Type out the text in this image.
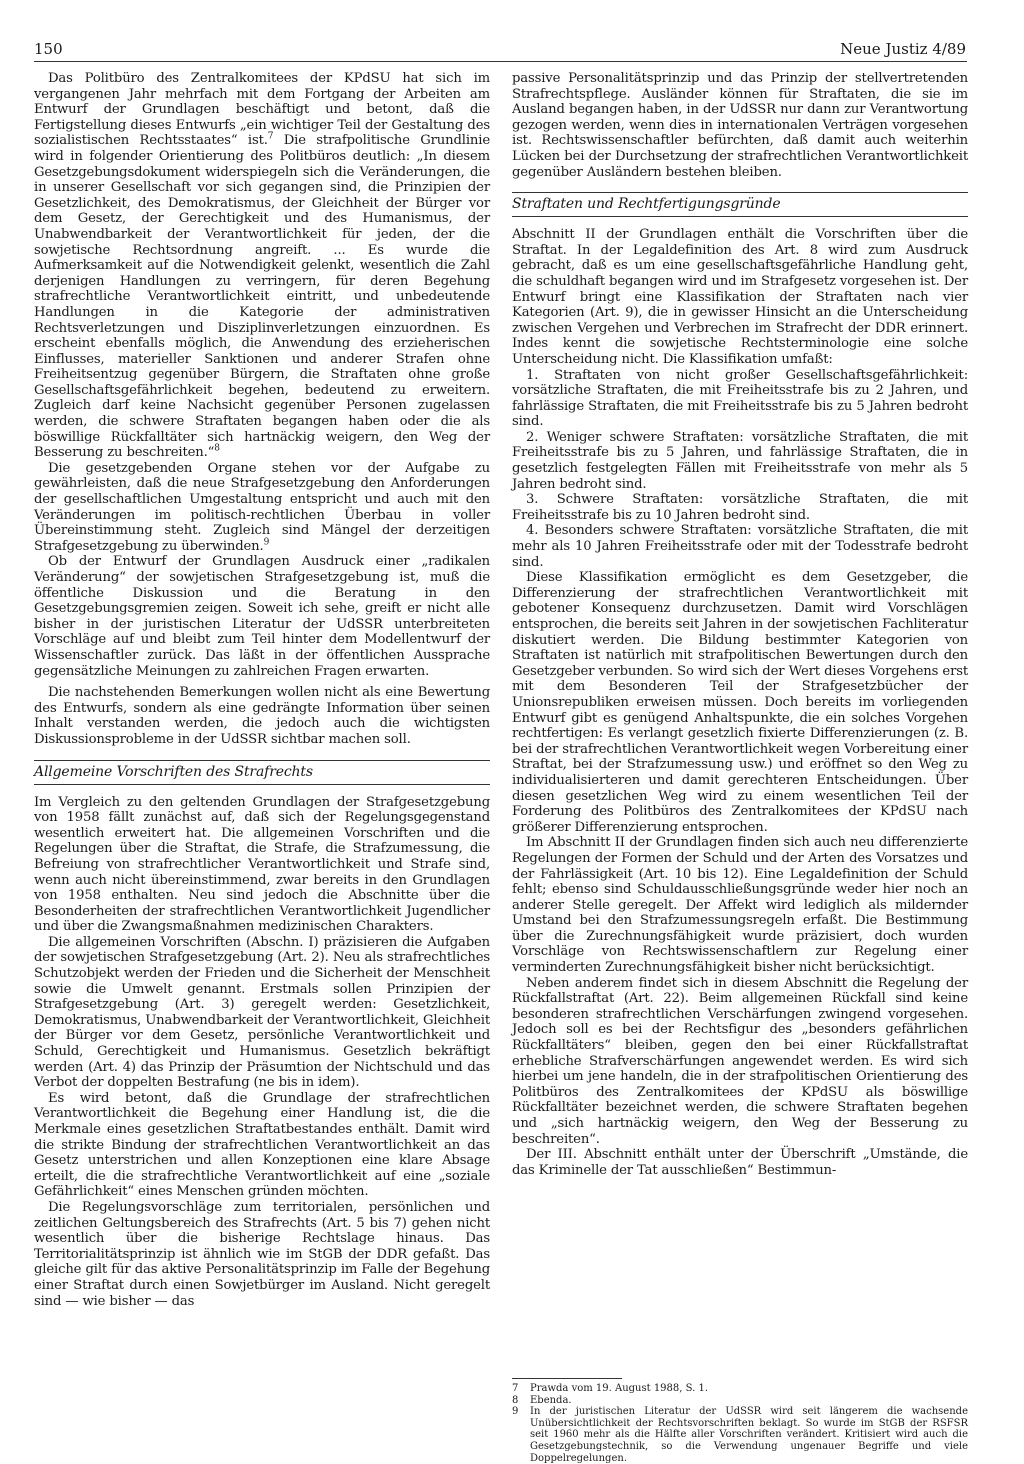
150	Neue Justiz 4/89

Das Politbüro des Zentralkomitees der KPdSU hat sich im vergangenen Jahr mehrfach mit dem Fortgang der Arbeiten am Entwurf der Grundlagen beschäftigt und betont, daß die Fertigstellung dieses Entwurfs „ein wichtiger Teil der Gestaltung des sozialistischen Rechtsstaates“ ist.$^7$ Die strafpolitische Grundlinie wird in folgender Orientierung des Politbüros deutlich: „In diesem Gesetzgebungsdokument widerspiegeln sich die Veränderungen, die in unserer Gesellschaft vor sich gegangen sind, die Prinzipien der Gesetzlichkeit, des Demokratismus, der Gleichheit der Bürger vor dem Gesetz, der Gerechtigkeit und des Humanismus, der Unabwendbarkeit der Verantwortlichkeit für jeden, der die sowjetische Rechtsordnung angreift. ... Es wurde die Aufmerksamkeit auf die Notwendigkeit gelenkt, wesentlich die Zahl derjenigen Handlungen zu verringern, für deren Begehung strafrechtliche Verantwortlichkeit eintritt, und unbedeutende Handlungen in die Kategorie der administrativen Rechtsverletzungen und Disziplinverletzungen einzuordnen. Es erscheint ebenfalls möglich, die Anwendung des erzieherischen Einflusses, materieller Sanktionen und anderer Strafen ohne Freiheitsentzug gegenüber Bürgern, die Straftaten ohne große Gesellschaftsgefährlichkeit begehen, bedeutend zu erweitern. Zugleich darf keine Nachsicht gegenüber Personen zugelassen werden, die schwere Straftaten begangen haben oder die als böswillige Rückfalltäter sich hartnäckig weigern, den Weg der Besserung zu beschreiten.“$^8$

Die gesetzgebenden Organe stehen vor der Aufgabe zu gewährleisten, daß die neue Strafgesetzgebung den Anforderungen der gesellschaftlichen Umgestaltung entspricht und auch mit den Veränderungen im politisch-rechtlichen Überbau in voller Übereinstimmung steht. Zugleich sind Mängel der derzeitigen Strafgesetzgebung zu überwinden.$^9$

Ob der Entwurf der Grundlagen Ausdruck einer „radikalen Veränderung“ der sowjetischen Strafgesetzgebung ist, muß die öffentliche Diskussion und die Beratung in den Gesetzgebungsgremien zeigen. Soweit ich sehe, greift er nicht alle bisher in der juristischen Literatur der UdSSR unterbreiteten Vorschläge auf und bleibt zum Teil hinter dem Modellentwurf der Wissenschaftler zurück. Das läßt in der öffentlichen Aussprache gegensätzliche Meinungen zu zahlreichen Fragen erwarten.

Die nachstehenden Bemerkungen wollen nicht als eine Bewertung des Entwurfs, sondern als eine gedrängte Information über seinen Inhalt verstanden werden, die jedoch auch die wichtigsten Diskussionsprobleme in der UdSSR sichtbar machen soll.

Allgemeine Vorschriften des Strafrechts

Im Vergleich zu den geltenden Grundlagen der Strafgesetzgebung von 1958 fällt zunächst auf, daß sich der Regelungsgegenstand wesentlich erweitert hat. Die allgemeinen Vorschriften und die Regelungen über die Straftat, die Strafe, die Strafzumessung, die Befreiung von strafrechtlicher Verantwortlichkeit und Strafe sind, wenn auch nicht übereinstimmend, zwar bereits in den Grundlagen von 1958 enthalten. Neu sind jedoch die Abschnitte über die Besonderheiten der strafrechtlichen Verantwortlichkeit Jugendlicher und über die Zwangsmaßnahmen medizinischen Charakters.

Die allgemeinen Vorschriften (Abschn. I) präzisieren die Aufgaben der sowjetischen Strafgesetzgebung (Art. 2). Neu als strafrechtliches Schutzobjekt werden der Frieden und die Sicherheit der Menschheit sowie die Umwelt genannt. Erstmals sollen Prinzipien der Strafgesetzgebung (Art. 3) geregelt werden: Gesetzlichkeit, Demokratismus, Unabwendbarkeit der Verantwortlichkeit, Gleichheit der Bürger vor dem Gesetz, persönliche Verantwortlichkeit und Schuld, Gerechtigkeit und Humanismus. Gesetzlich bekräftigt werden (Art. 4) das Prinzip der Präsumtion der Nichtschuld und das Verbot der doppelten Bestrafung (ne bis in idem).

Es wird betont, daß die Grundlage der strafrechtlichen Verantwortlichkeit die Begehung einer Handlung ist, die die Merkmale eines gesetzlichen Straftatbestandes enthält. Damit wird die strikte Bindung der strafrechtlichen Verantwortlichkeit an das Gesetz unterstrichen und allen Konzeptionen eine klare Absage erteilt, die die strafrechtliche Verantwortlichkeit auf eine „soziale Gefährlichkeit“ eines Menschen gründen möchten.

Die Regelungsvorschläge zum territorialen, persönlichen und zeitlichen Geltungsbereich des Strafrechts (Art. 5 bis 7) gehen nicht wesentlich über die bisherige Rechtslage hinaus. Das Territorialitätsprinzip ist ähnlich wie im StGB der DDR gefaßt. Das gleiche gilt für das aktive Personalitätsprinzip im Falle der Begehung einer Straftat durch einen Sowjetbürger im Ausland. Nicht geregelt sind — wie bisher — das

passive Personalitätsprinzip und das Prinzip der stellvertretenden Strafrechtspflege. Ausländer können für Straftaten, die sie im Ausland begangen haben, in der UdSSR nur dann zur Verantwortung gezogen werden, wenn dies in internationalen Verträgen vorgesehen ist. Rechtswissenschaftler befürchten, daß damit auch weiterhin Lücken bei der Durchsetzung der strafrechtlichen Verantwortlichkeit gegenüber Ausländern bestehen bleiben.

Straftaten und Rechtfertigungsgründe

Abschnitt II der Grundlagen enthält die Vorschriften über die Straftat. In der Legaldefinition des Art. 8 wird zum Ausdruck gebracht, daß es um eine gesellschaftsgefährliche Handlung geht, die schuldhaft begangen wird und im Strafgesetz vorgesehen ist. Der Entwurf bringt eine Klassifikation der Straftaten nach vier Kategorien (Art. 9), die in gewisser Hinsicht an die Unterscheidung zwischen Vergehen und Verbrechen im Strafrecht der DDR erinnert. Indes kennt die sowjetische Rechtsterminologie eine solche Unterscheidung nicht. Die Klassifikation umfaßt:

1. Straftaten von nicht großer Gesellschaftsgefährlichkeit: vorsätzliche Straftaten, die mit Freiheitsstrafe bis zu 2 Jahren, und fahrlässige Straftaten, die mit Freiheitsstrafe bis zu 5 Jahren bedroht sind.

2. Weniger schwere Straftaten: vorsätzliche Straftaten, die mit Freiheitsstrafe bis zu 5 Jahren, und fahrlässige Straftaten, die in gesetzlich festgelegten Fällen mit Freiheitsstrafe von mehr als 5 Jahren bedroht sind.

3. Schwere Straftaten: vorsätzliche Straftaten, die mit Freiheitsstrafe bis zu 10 Jahren bedroht sind.

4. Besonders schwere Straftaten: vorsätzliche Straftaten, die mit mehr als 10 Jahren Freiheitsstrafe oder mit der Todesstrafe bedroht sind.

Diese Klassifikation ermöglicht es dem Gesetzgeber, die Differenzierung der strafrechtlichen Verantwortlichkeit mit gebotener Konsequenz durchzusetzen. Damit wird Vorschlägen entsprochen, die bereits seit Jahren in der sowjetischen Fachliteratur diskutiert werden. Die Bildung bestimmter Kategorien von Straftaten ist natürlich mit strafpolitischen Bewertungen durch den Gesetzgeber verbunden. So wird sich der Wert dieses Vorgehens erst mit dem Besonderen Teil der Strafgesetzbücher der Unionsrepubliken erweisen müssen. Doch bereits im vorliegenden Entwurf gibt es genügend Anhaltspunkte, die ein solches Vorgehen rechtfertigen: Es verlangt gesetzlich fixierte Differenzierungen (z. B. bei der strafrechtlichen Verantwortlichkeit wegen Vorbereitung einer Straftat, bei der Strafzumessung usw.) und eröffnet so den Weg zu individualisierteren und damit gerechteren Entscheidungen. Über diesen gesetzlichen Weg wird zu einem wesentlichen Teil der Forderung des Politbüros des Zentralkomitees der KPdSU nach größerer Differenzierung entsprochen.

Im Abschnitt II der Grundlagen finden sich auch neu differenzierte Regelungen der Formen der Schuld und der Arten des Vorsatzes und der Fahrlässigkeit (Art. 10 bis 12). Eine Legaldefinition der Schuld fehlt; ebenso sind Schuldausschließungsgründe weder hier noch an anderer Stelle geregelt. Der Affekt wird lediglich als mildernder Umstand bei den Strafzumessungsregeln erfaßt. Die Bestimmung über die Zurechnungsfähigkeit wurde präzisiert, doch wurden Vorschläge von Rechtswissenschaftlern zur Regelung einer verminderten Zurechnungsfähigkeit bisher nicht berücksichtigt.

Neben anderem findet sich in diesem Abschnitt die Regelung der Rückfallstraftat (Art. 22). Beim allgemeinen Rückfall sind keine besonderen strafrechtlichen Verschärfungen zwingend vorgesehen. Jedoch soll es bei der Rechtsfigur des „besonders gefährlichen Rückfalltäters“ bleiben, gegen den bei einer Rückfallstraftat erhebliche Strafverschärfungen angewendet werden. Es wird sich hierbei um jene handeln, die in der strafpolitischen Orientierung des Politbüros des Zentralkomitees der KPdSU als böswillige Rückfalltäter bezeichnet werden, die schwere Straftaten begehen und „sich hartnäckig weigern, den Weg der Besserung zu beschreiten“.

Der III. Abschnitt enthält unter der Überschrift „Umstände, die das Kriminelle der Tat ausschließen“ Bestimmun-

7	Prawda vom 19. August 1988, S. 1.
8	Ebenda.
9	In der juristischen Literatur der UdSSR wird seit längerem die wachsende Unübersichtlichkeit der Rechtsvorschriften beklagt. So wurde im StGB der RSFSR seit 1960 mehr als die Hälfte aller Vorschriften verändert. Kritisiert wird auch die Gesetzgebungstechnik, so die Verwendung ungenauer Begriffe und viele Doppelregelungen.
